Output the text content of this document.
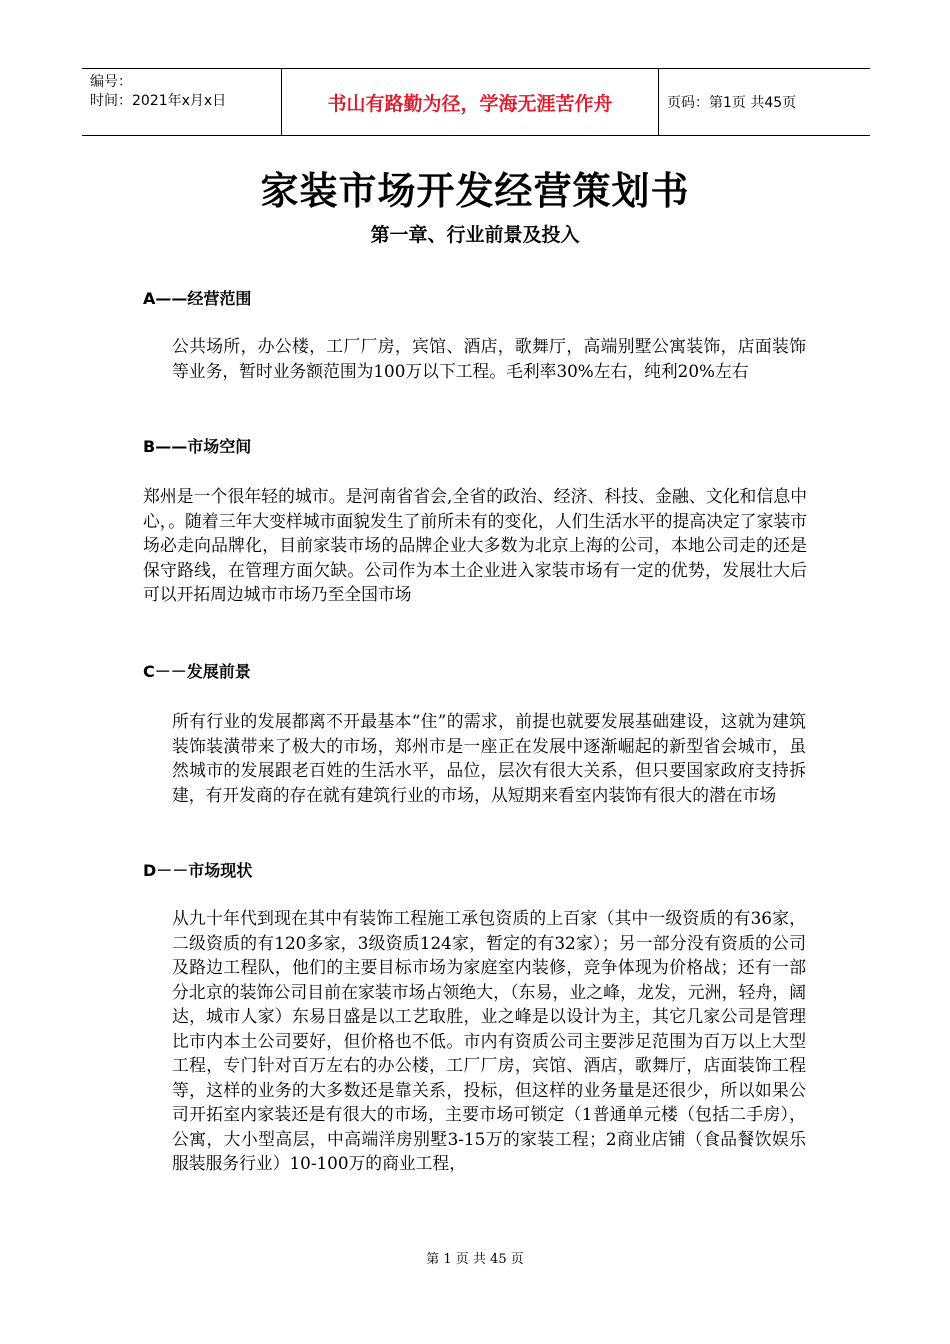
编号：
时间：2021年x月x日	书山有路勤为径，学海无涯苦作舟	页码：第1页 共45页
家装市场开发经营策划书
第一章、行业前景及投入
A——经营范围
公共场所，办公楼，工厂厂房，宾馆、酒店，歌舞厅，高端别墅公寓装饰，店面装饰等业务，暂时业务额范围为100万以下工程。毛利率30%左右，纯利20%左右
B——市场空间
郑州是一个很年轻的城市。是河南省省会,全省的政治、经济、科技、金融、文化和信息中心，。随着三年大变样城市面貌发生了前所未有的变化，人们生活水平的提高决定了家装市场必走向品牌化，目前家装市场的品牌企业大多数为北京上海的公司，本地公司走的还是保守路线，在管理方面欠缺。公司作为本土企业进入家装市场有一定的优势，发展壮大后可以开拓周边城市市场乃至全国市场
C－－发展前景
所有行业的发展都离不开最基本“住”的需求，前提也就要发展基础建设，这就为建筑装饰装潢带来了极大的市场，郑州市是一座正在发展中逐渐崛起的新型省会城市，虽然城市的发展跟老百姓的生活水平，品位，层次有很大关系，但只要国家政府支持拆建，有开发商的存在就有建筑行业的市场，从短期来看室内装饰有很大的潜在市场
D－－市场现状
从九十年代到现在其中有装饰工程施工承包资质的上百家（其中一级资质的有36家，二级资质的有120多家，3级资质124家，暂定的有32家）；另一部分没有资质的公司及路边工程队，他们的主要目标市场为家庭室内装修，竞争体现为价格战；还有一部分北京的装饰公司目前在家装市场占领绝大，（东易，业之峰，龙发，元洲，轻舟，阔达，城市人家）东易日盛是以工艺取胜，业之峰是以设计为主，其它几家公司是管理比市内本土公司要好，但价格也不低。市内有资质公司主要涉足范围为百万以上大型工程，专门针对百万左右的办公楼，工厂厂房，宾馆、酒店，歌舞厅，店面装饰工程等，这样的业务的大多数还是靠关系，投标，但这样的业务量是还很少，所以如果公司开拓室内家装还是有很大的市场，主要市场可锁定（1普通单元楼（包括二手房），公寓，大小型高层，中高端洋房别墅3-15万的家装工程；2商业店铺（食品餐饮娱乐服装服务行业）10-100万的商业工程，
第 1 页 共 45 页
